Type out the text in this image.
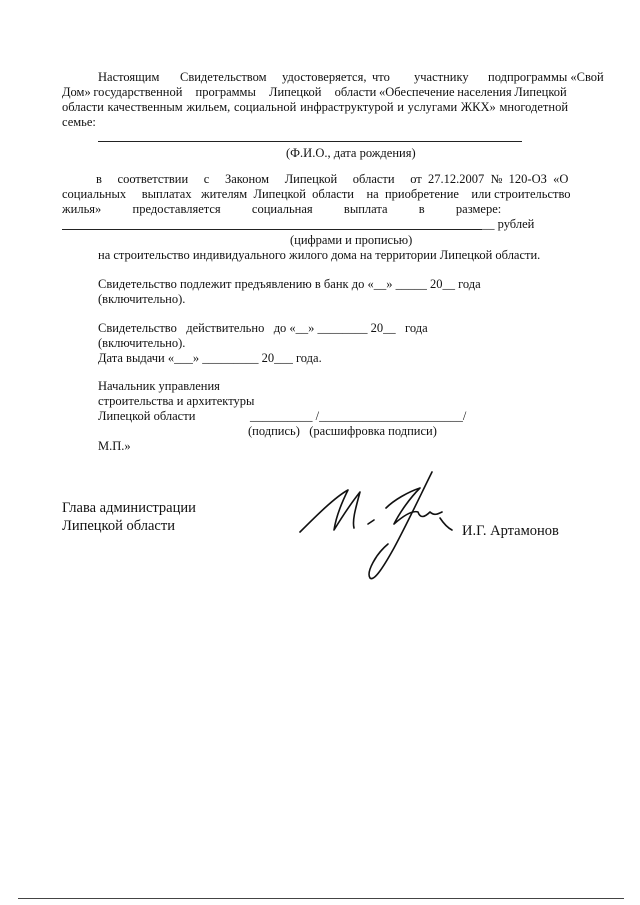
Настоящим Свидетельством удостоверяется, что участнику подпрограммы «Свой
Дом» государственной     программы     Липецкой     области «Обеспечение населения Липецкой
области качественным жильем, социальной инфраструктурой и услугами ЖКХ» многодетной
семье:
(Ф.И.О., дата рождения)
в     соответствии     с     Законом     Липецкой     области     от  27.12.2007  №  120-ОЗ  «О
социальных     выплатах   жителям  Липецкой  области    на  приобретение    или строительство
жилья»          предоставляется          социальная          выплата          в          размере:
__ рублей
(цифрами и прописью)
на строительство индивидуального жилого дома на территории Липецкой области.
Свидетельство подлежит предъявлению в банк до «__» _____ 20__ года
(включительно).
Свидетельство   действительно   до «__» ________ 20__   года
(включительно).
Дата выдачи «___» _________ 20___ года.
Начальник управления
строительства и архитектуры
Липецкой области	__________ /_______________________/
(подпись)   (расшифровка подписи)
М.П.»
Глава администрации
Липецкой области	И.Г. Артамонов
